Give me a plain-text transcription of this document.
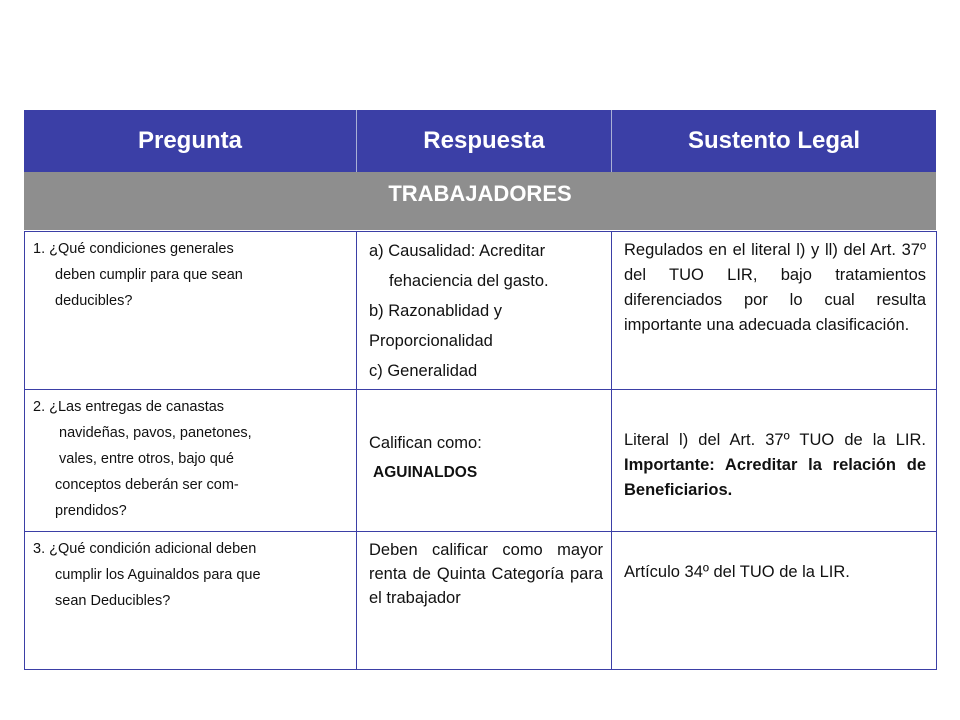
Pregunta	Respuesta	Sustento Legal
TRABAJADORES
1. ¿Qué condiciones generales
deben cumplir para que sean
deducibles?	a) Causalidad: Acreditar
fehaciencia del gasto.
b) Razonablidad y
Proporcionalidad
c) Generalidad	Regulados en el literal l) y ll) del Art. 37º del TUO LIR, bajo tratamientos diferenciados por lo cual resulta importante una adecuada clasificación.
2. ¿Las entregas de canastas
navideñas, pavos, panetones,
vales, entre otros, bajo qué
conceptos deberán ser com-
prendidos?	Califican como:
AGUINALDOS	Literal l) del Art. 37º TUO de la LIR. Importante: Acreditar la relación de Beneficiarios.
3. ¿Qué condición adicional deben
cumplir los Aguinaldos para que
sean Deducibles?	Deben calificar como mayor renta de Quinta Categoría para el trabajador	Artículo 34º del TUO de la LIR.
